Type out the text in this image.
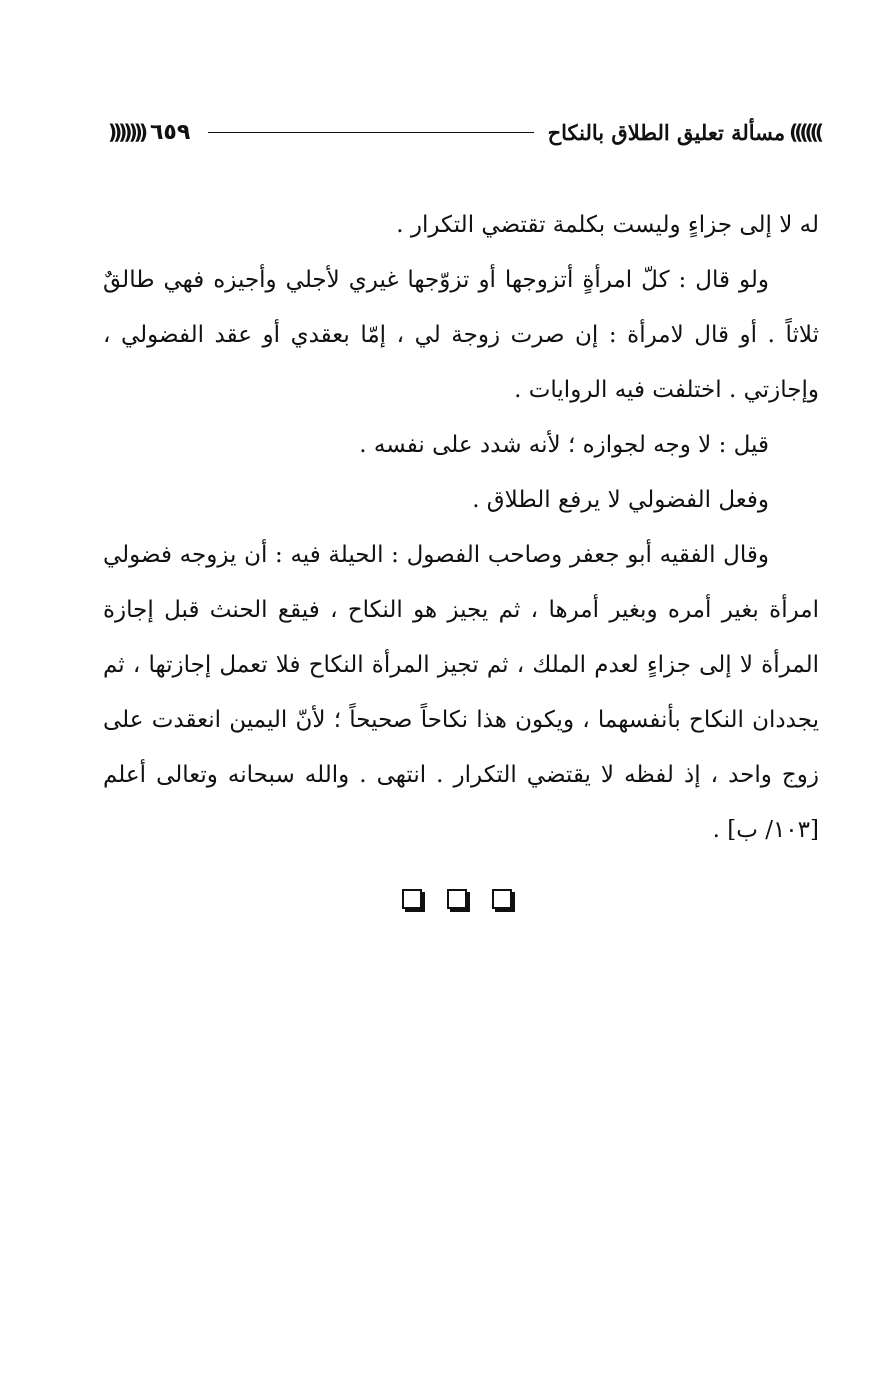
))))))
مسألة تعليق الطلاق بالنكاح
٦٥٩
(((((((

له لا إلى جزاءٍ وليست بكلمة تقتضي التكرار .

ولو قال : كلّ امرأةٍ أتزوجها أو تزوّجها غيري لأجلي وأجيزه فهي طالقٌ ثلاثاً . أو قال لامرأة : إن صرت زوجة لي ، إمّا بعقدي أو عقد الفضولي ، وإجازتي . اختلفت فيه الروايات .

قيل : لا وجه لجوازه ؛ لأنه شدد على نفسه .

وفعل الفضولي لا يرفع الطلاق .

وقال الفقيه أبو جعفر وصاحب الفصول : الحيلة فيه : أن يزوجه فضولي امرأة بغير أمره وبغير أمرها ، ثم يجيز هو النكاح ، فيقع الحنث قبل إجازة المرأة لا إلى جزاءٍ لعدم الملك ، ثم تجيز المرأة النكاح فلا تعمل إجازتها ، ثم يجددان النكاح بأنفسهما ، ويكون هذا نكاحاً صحيحاً ؛ لأنّ اليمين انعقدت على زوج واحد ، إذ لفظه لا يقتضي التكرار . انتهى . والله سبحانه وتعالى أعلم [١٠٣/ ب] .
